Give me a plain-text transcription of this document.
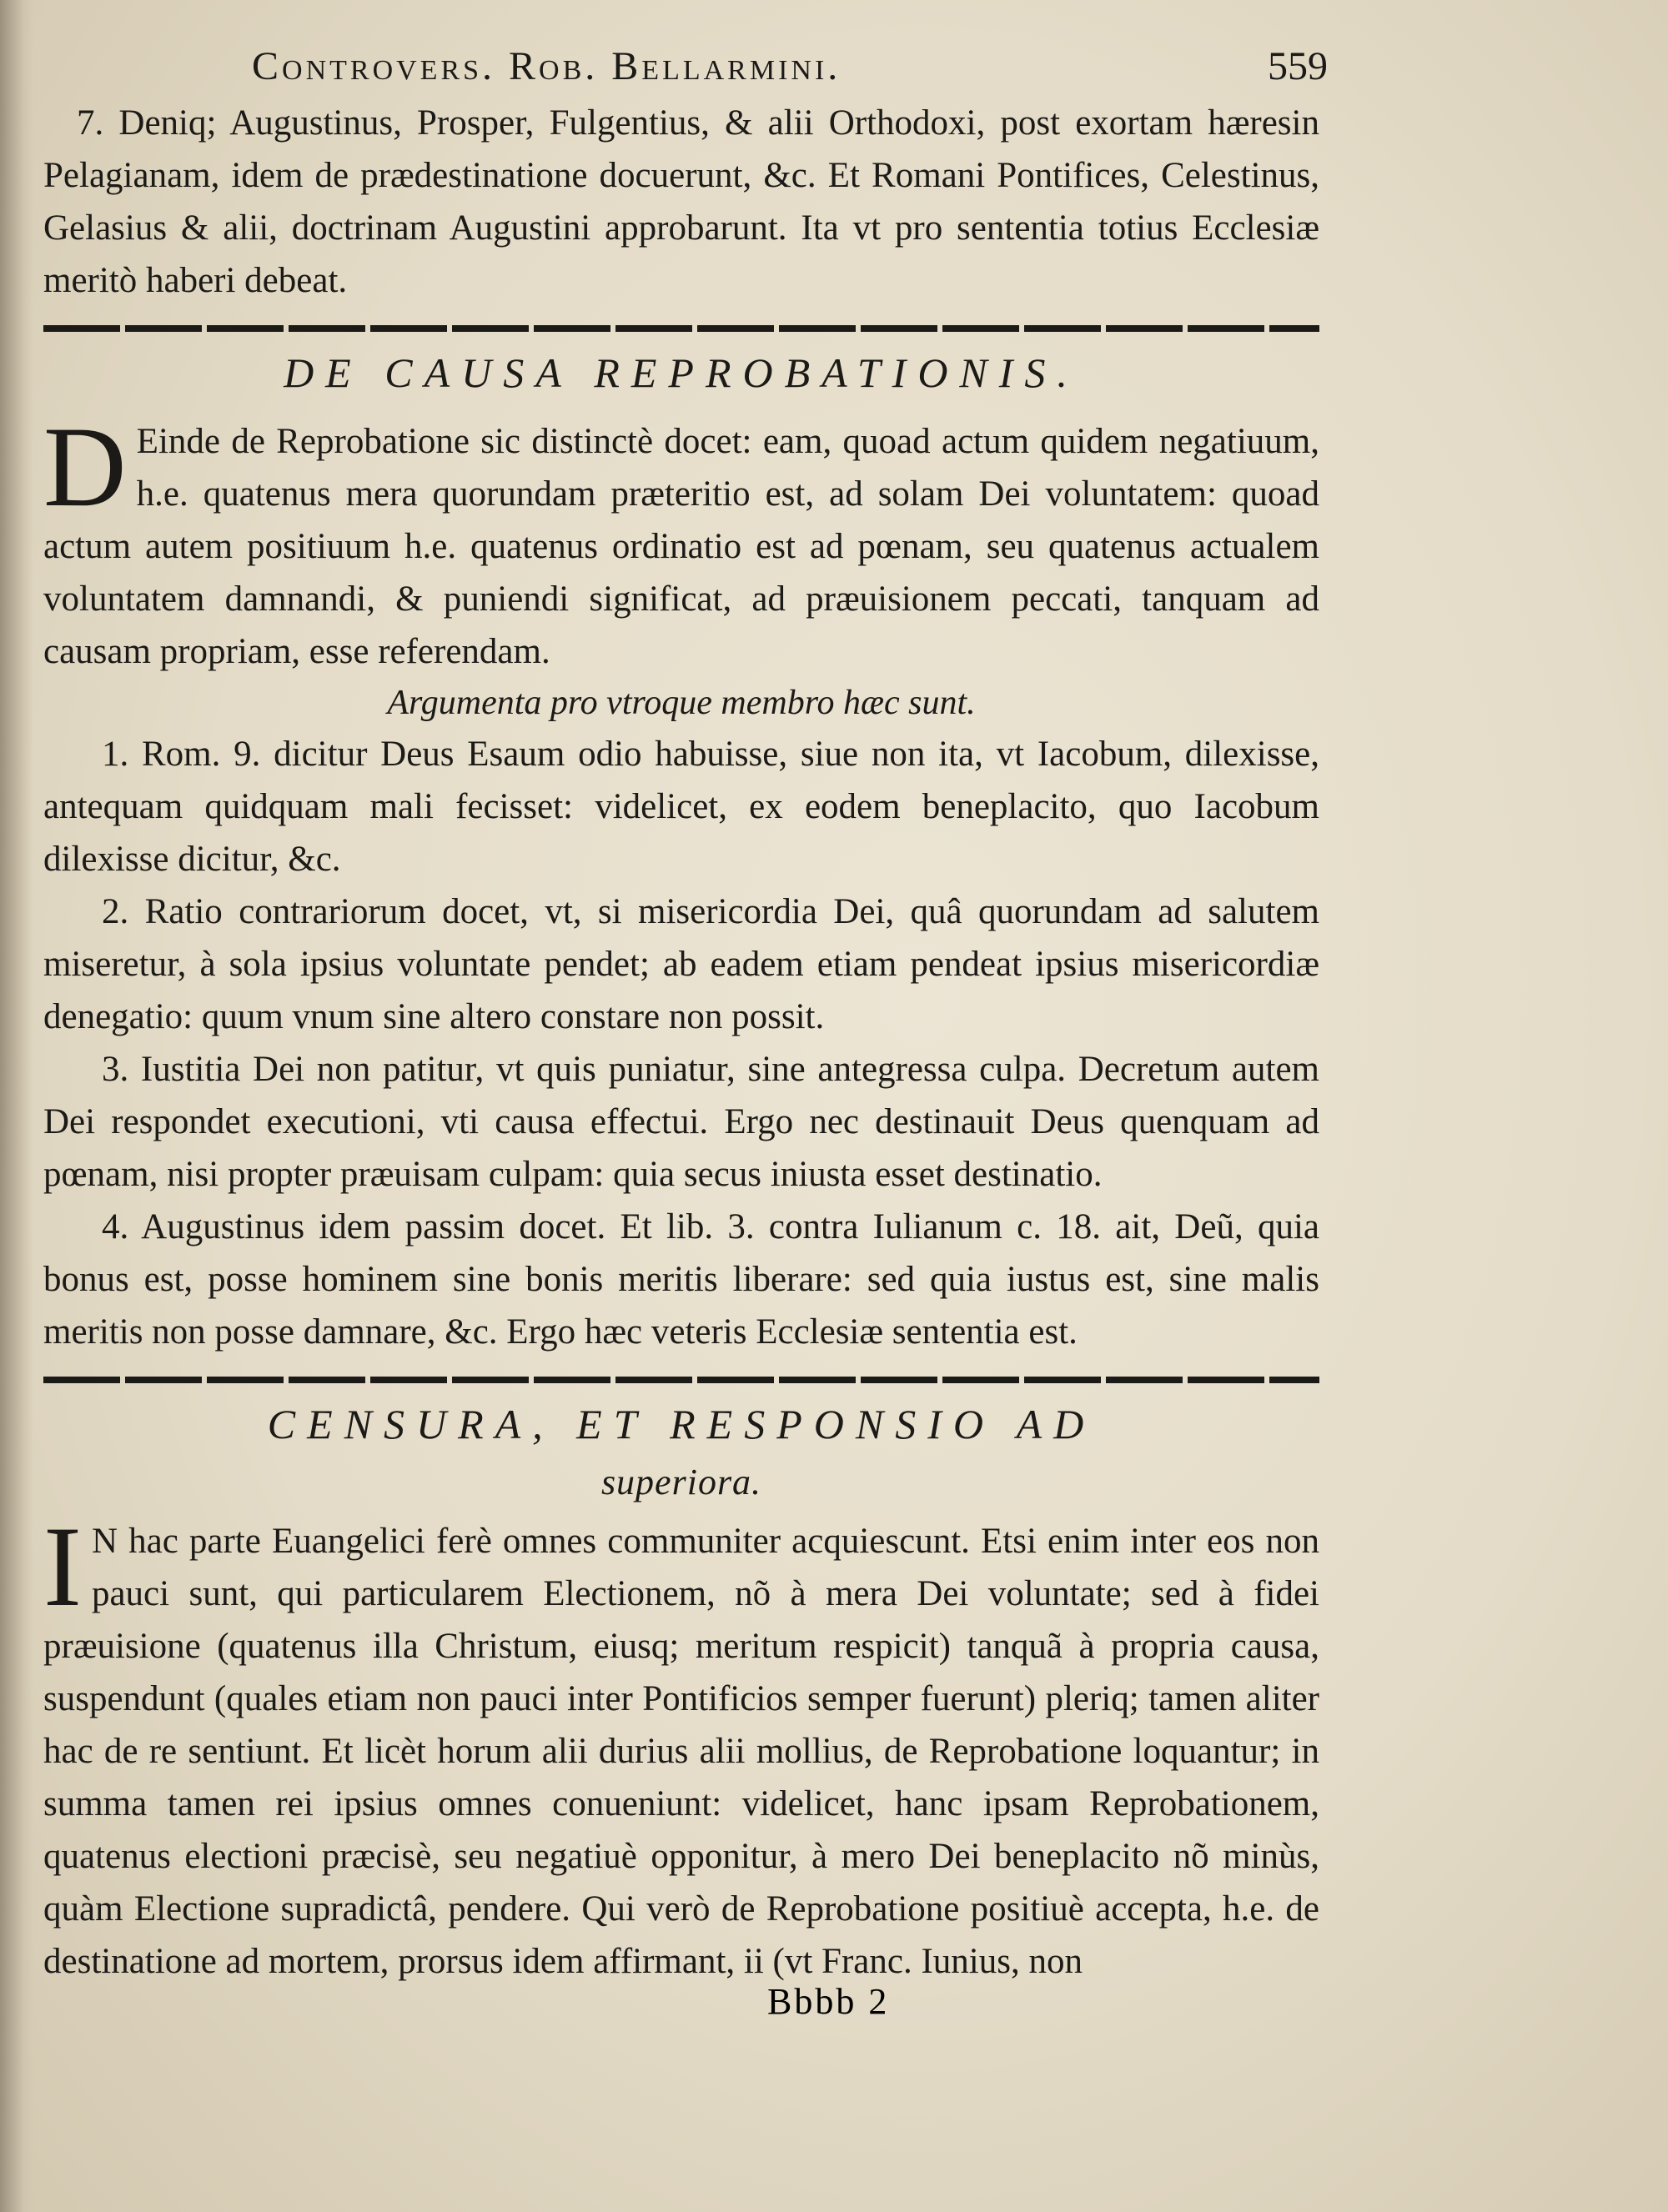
Controvers. Rob. Bellarmini.	559

7. Deniq; Augustinus, Prosper, Fulgentius, & alii Orthodoxi, post exortam hæresin Pelagianam, idem de prædestinatione docuerunt, &c. Et Romani Pontifices, Celestinus, Gelasius & alii, doctrinam Augustini approbarunt. Ita vt pro sententia totius Ecclesiæ meritò haberi debeat.

DE CAUSA REPROBATIONIS.
D Einde de Reprobatione sic distinctè docet: eam, quoad actum quidem negatiuum, h.e. quatenus mera quorundam præteritio est, ad solam Dei voluntatem: quoad actum autem positiuum h.e. quatenus ordinatio est ad pœnam, seu quatenus actualem voluntatem damnandi, & puniendi significat, ad præuisionem peccati, tanquam ad causam propriam, esse referendam.

Argumenta pro vtroque membro hæc sunt.

1. Rom. 9. dicitur Deus Esaum odio habuisse, siue non ita, vt Iacobum, dilexisse, antequam quidquam mali fecisset: videlicet, ex eodem beneplacito, quo Iacobum dilexisse dicitur, &c.

2. Ratio contrariorum docet, vt, si misericordia Dei, quâ quorundam ad salutem miseretur, à sola ipsius voluntate pendet; ab eadem etiam pendeat ipsius misericordiæ denegatio: quum vnum sine altero constare non possit.

3. Iustitia Dei non patitur, vt quis puniatur, sine antegressa culpa. Decretum autem Dei respondet executioni, vti causa effectui. Ergo nec destinauit Deus quenquam ad pœnam, nisi propter præuisam culpam: quia secus iniusta esset destinatio.

4. Augustinus idem passim docet. Et lib. 3. contra Iulianum c. 18. ait, Deũ, quia bonus est, posse hominem sine bonis meritis liberare: sed quia iustus est, sine malis meritis non posse damnare, &c. Ergo hæc veteris Ecclesiæ sententia est.

CENSURA, ET RESPONSIO AD
superiora.
I N hac parte Euangelici ferè omnes communiter acquiescunt. Etsi enim inter eos non pauci sunt, qui particularem Electionem, nõ à mera Dei voluntate; sed à fidei præuisione (quatenus illa Christum, eiusq; meritum respicit) tanquã à propria causa, suspendunt (quales etiam non pauci inter Pontificios semper fuerunt) pleriq; tamen aliter hac de re sentiunt. Et licèt horum alii durius alii mollius, de Reprobatione loquantur; in summa tamen rei ipsius omnes conueniunt: videlicet, hanc ipsam Reprobationem, quatenus electioni præcisè, seu negatiuè opponitur, à mero Dei beneplacito nõ minùs, quàm Electione supradictâ, pendere. Qui verò de Reprobatione positiuè accepta, h.e. de destinatione ad mortem, prorsus idem affirmant, ii (vt Franc. Iunius, non

Bbbb 2
